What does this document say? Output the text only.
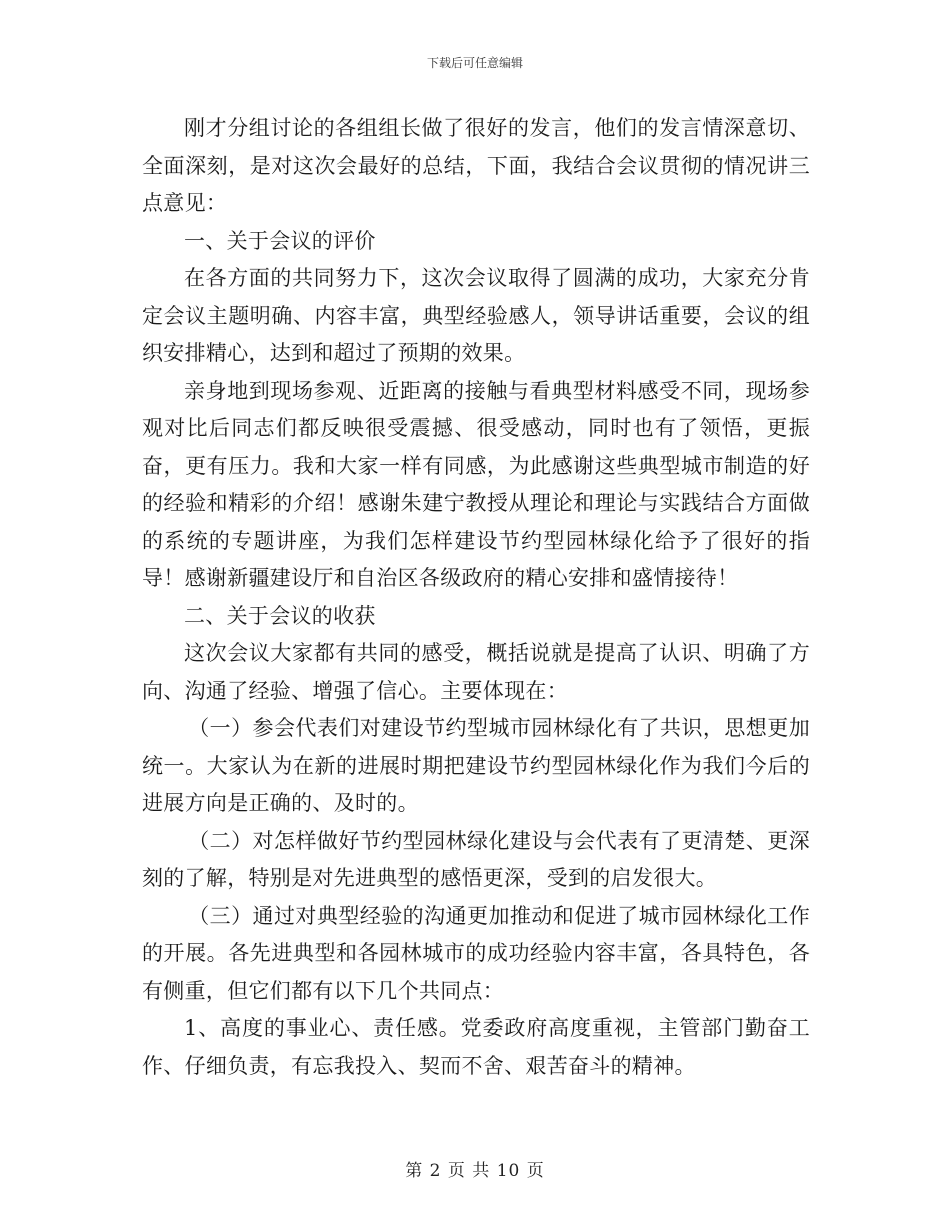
下载后可任意编辑

刚才分组讨论的各组组长做了很好的发言，他们的发言情深意切、全面深刻，是对这次会最好的总结，下面，我结合会议贯彻的情况讲三点意见：

一、关于会议的评价

在各方面的共同努力下，这次会议取得了圆满的成功，大家充分肯定会议主题明确、内容丰富，典型经验感人，领导讲话重要，会议的组织安排精心，达到和超过了预期的效果。

亲身地到现场参观、近距离的接触与看典型材料感受不同，现场参观对比后同志们都反映很受震撼、很受感动，同时也有了领悟，更振奋，更有压力。我和大家一样有同感，为此感谢这些典型城市制造的好的经验和精彩的介绍！感谢朱建宁教授从理论和理论与实践结合方面做的系统的专题讲座，为我们怎样建设节约型园林绿化给予了很好的指导！感谢新疆建设厅和自治区各级政府的精心安排和盛情接待！

二、关于会议的收获

这次会议大家都有共同的感受，概括说就是提高了认识、明确了方向、沟通了经验、增强了信心。主要体现在：

（一）参会代表们对建设节约型城市园林绿化有了共识，思想更加统一。大家认为在新的进展时期把建设节约型园林绿化作为我们今后的进展方向是正确的、及时的。

（二）对怎样做好节约型园林绿化建设与会代表有了更清楚、更深刻的了解，特别是对先进典型的感悟更深，受到的启发很大。

（三）通过对典型经验的沟通更加推动和促进了城市园林绿化工作的开展。各先进典型和各园林城市的成功经验内容丰富，各具特色，各有侧重，但它们都有以下几个共同点：

1、高度的事业心、责任感。党委政府高度重视，主管部门勤奋工作、仔细负责，有忘我投入、契而不舍、艰苦奋斗的精神。

第 2 页 共 10 页
